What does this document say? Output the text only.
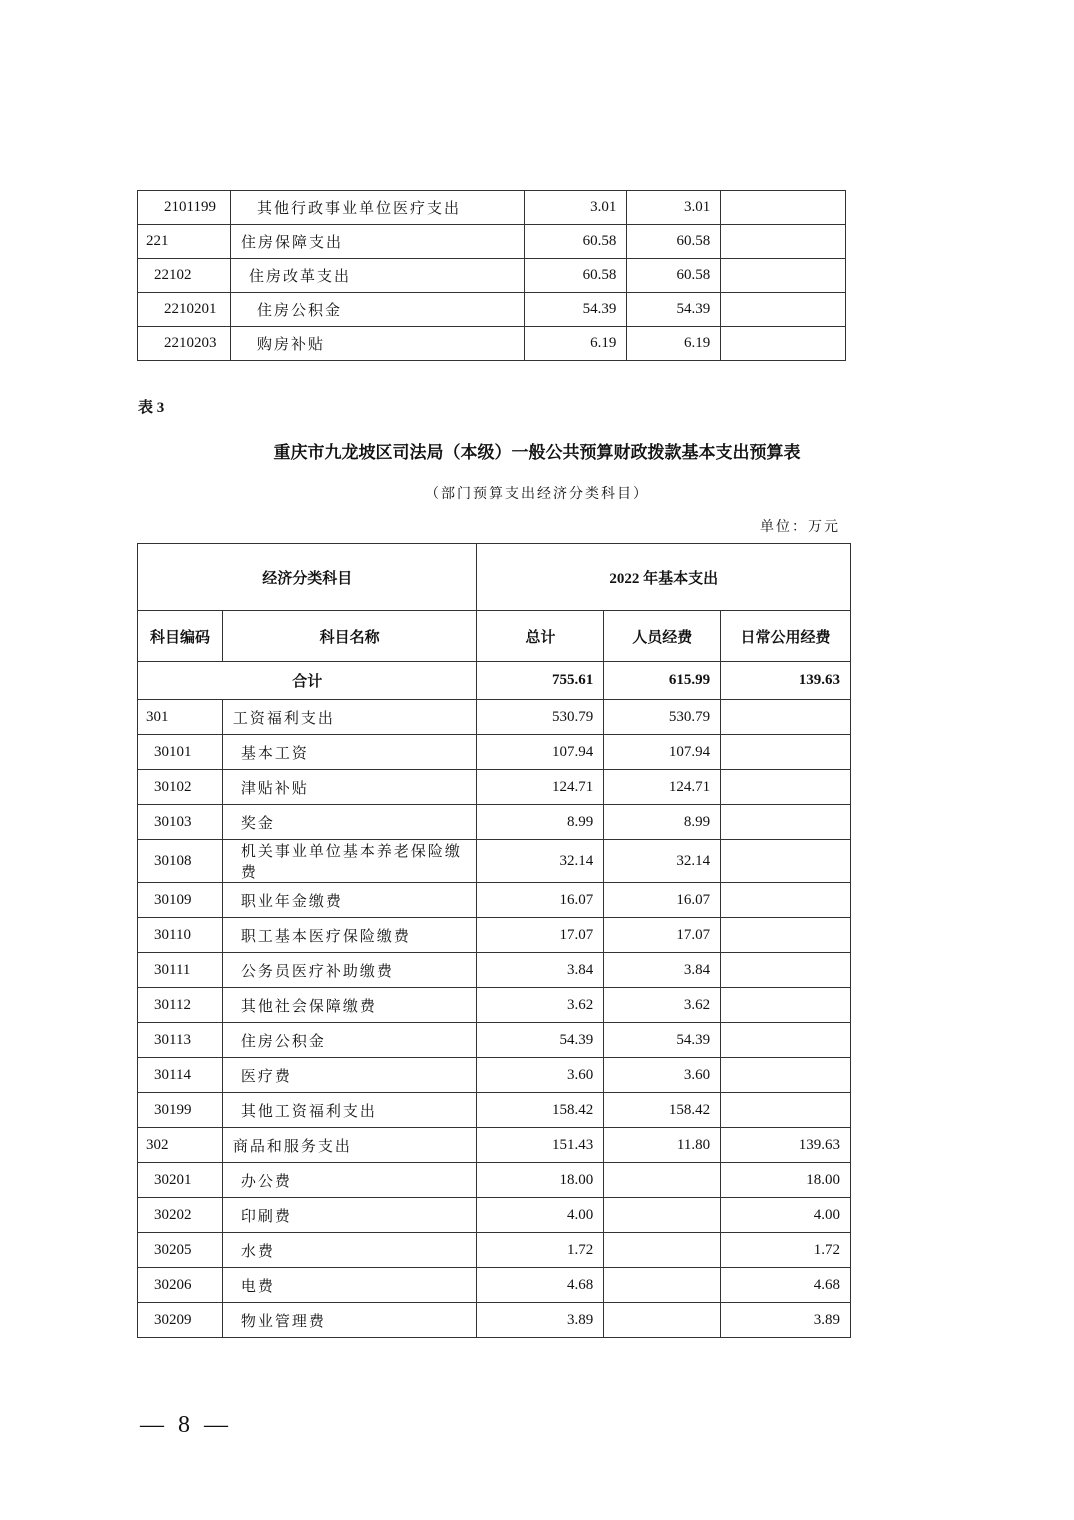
2101199	其他行政事业单位医疗支出	3.01	3.01	
221	住房保障支出	60.58	60.58	
22102	住房改革支出	60.58	60.58	
2210201	住房公积金	54.39	54.39	
2210203	购房补贴	6.19	6.19	
表 3
重庆市九龙坡区司法局（本级）一般公共预算财政拨款基本支出预算表
（部门预算支出经济分类科目）
单位：万元
经济分类科目		2022 年基本支出		
科目编码	科目名称	总计	人员经费	日常公用经费
合计		755.61	615.99	139.63
301	工资福利支出	530.79	530.79	
30101	基本工资	107.94	107.94	
30102	津贴补贴	124.71	124.71	
30103	奖金	8.99	8.99	
30108	机关事业单位基本养老保险缴费	32.14	32.14	
30109	职业年金缴费	16.07	16.07	
30110	职工基本医疗保险缴费	17.07	17.07	
30111	公务员医疗补助缴费	3.84	3.84	
30112	其他社会保障缴费	3.62	3.62	
30113	住房公积金	54.39	54.39	
30114	医疗费	3.60	3.60	
30199	其他工资福利支出	158.42	158.42	
302	商品和服务支出	151.43	11.80	139.63
30201	办公费	18.00		18.00
30202	印刷费	4.00		4.00
30205	水费	1.72		1.72
30206	电费	4.68		4.68
30209	物业管理费	3.89		3.89
— 8 —
